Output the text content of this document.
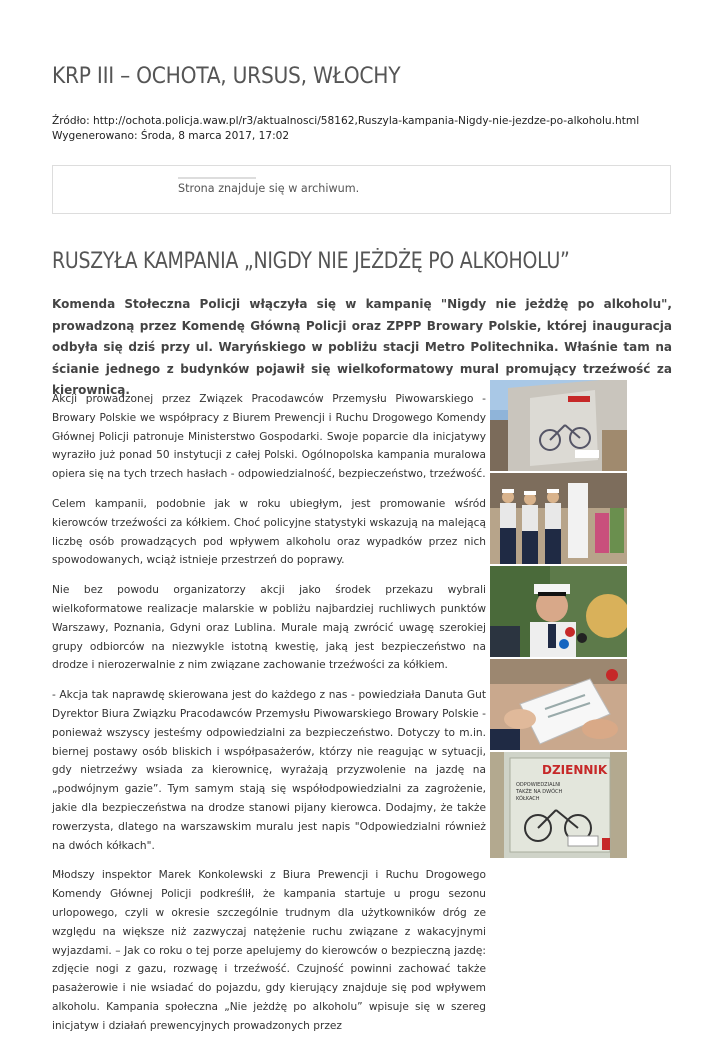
KRP III – OCHOTA, URSUS, WŁOCHY
Źródło: http://ochota.policja.waw.pl/r3/aktualnosci/58162,Ruszyla-kampania-Nigdy-nie-jezdze-po-alkoholu.html
Wygenerowano: Środa, 8 marca 2017, 17:02
Strona znajduje się w archiwum.
RUSZYŁA KAMPANIA „NIGDY NIE JEŻDŻĘ PO ALKOHOLU”

Komenda Stołeczna Policji włączyła się w kampanię "Nigdy nie jeżdżę po alkoholu", prowadzoną przez Komendę Główną Policji oraz ZPPP Browary Polskie, której inauguracja odbyła się dziś przy ul. Waryńskiego w pobliżu stacji Metro Politechnika. Właśnie tam na ścianie jednego z budynków pojawił się wielkoformatowy mural promujący trzeźwość za kierownicą.

Akcji prowadzonej przez Związek Pracodawców Przemysłu Piwowarskiego - Browary Polskie we współpracy z Biurem Prewencji i Ruchu Drogowego Komendy Głównej Policji patronuje Ministerstwo Gospodarki. Swoje poparcie dla inicjatywy wyraziło już ponad 50 instytucji z całej Polski. Ogólnopolska kampania muralowa opiera się na tych trzech hasłach - odpowiedzialność, bezpieczeństwo, trzeźwość.

Celem kampanii, podobnie jak w roku ubiegłym, jest promowanie wśród kierowców trzeźwości za kółkiem. Choć policyjne statystyki wskazują na malejącą liczbę osób prowadzących pod wpływem alkoholu oraz wypadków przez nich spowodowanych, wciąż istnieje przestrzeń do poprawy.

Nie bez powodu organizatorzy akcji jako środek przekazu wybrali wielkoformatowe realizacje malarskie w pobliżu najbardziej ruchliwych punktów Warszawy, Poznania, Gdyni oraz Lublina. Murale mają zwrócić uwagę szerokiej grupy odbiorców na niezwykle istotną kwestię, jaką jest bezpieczeństwo na drodze i nierozerwalnie z nim związane zachowanie trzeźwości za kółkiem.

- Akcja tak naprawdę skierowana jest do każdego z nas - powiedziała Danuta Gut Dyrektor Biura Związku Pracodawców Przemysłu Piwowarskiego Browary Polskie - ponieważ wszyscy jesteśmy odpowiedzialni za bezpieczeństwo. Dotyczy to m.in. biernej postawy osób bliskich i współpasażerów, którzy nie reagując w sytuacji, gdy nietrzeźwy wsiada za kierownicę, wyrażają przyzwolenie na jazdę na „podwójnym gazie”. Tym samym stają się współodpowiedzialni za zagrożenie, jakie dla bezpieczeństwa na drodze stanowi pijany kierowca. Dodajmy, że także rowerzysta, dlatego na warszawskim muralu jest napis "Odpowiedzialni również na dwóch kółkach".

Młodszy inspektor Marek Konkolewski z Biura Prewencji i Ruchu Drogowego Komendy Głównej Policji podkreślił, że kampania startuje u progu sezonu urlopowego, czyli w okresie szczególnie trudnym dla użytkowników dróg ze względu na większe niż zazwyczaj natężenie ruchu związane z wakacyjnymi wyjazdami. – Jak co roku o tej porze apelujemy do kierowców o bezpieczną jazdę: zdjęcie nogi z gazu, rozwagę i trzeźwość. Czujność powinni zachować także pasażerowie i nie wsiadać do pojazdu, gdy kierujący znajduje się pod wpływem alkoholu. Kampania społeczna „Nie jeżdżę po alkoholu” wpisuje się w szereg inicjatyw i działań prewencyjnych prowadzonych przez

DZIENNIK
ODPOWIEDZIALNI
TAKŻE NA DWÓCH
KÓŁKACH
